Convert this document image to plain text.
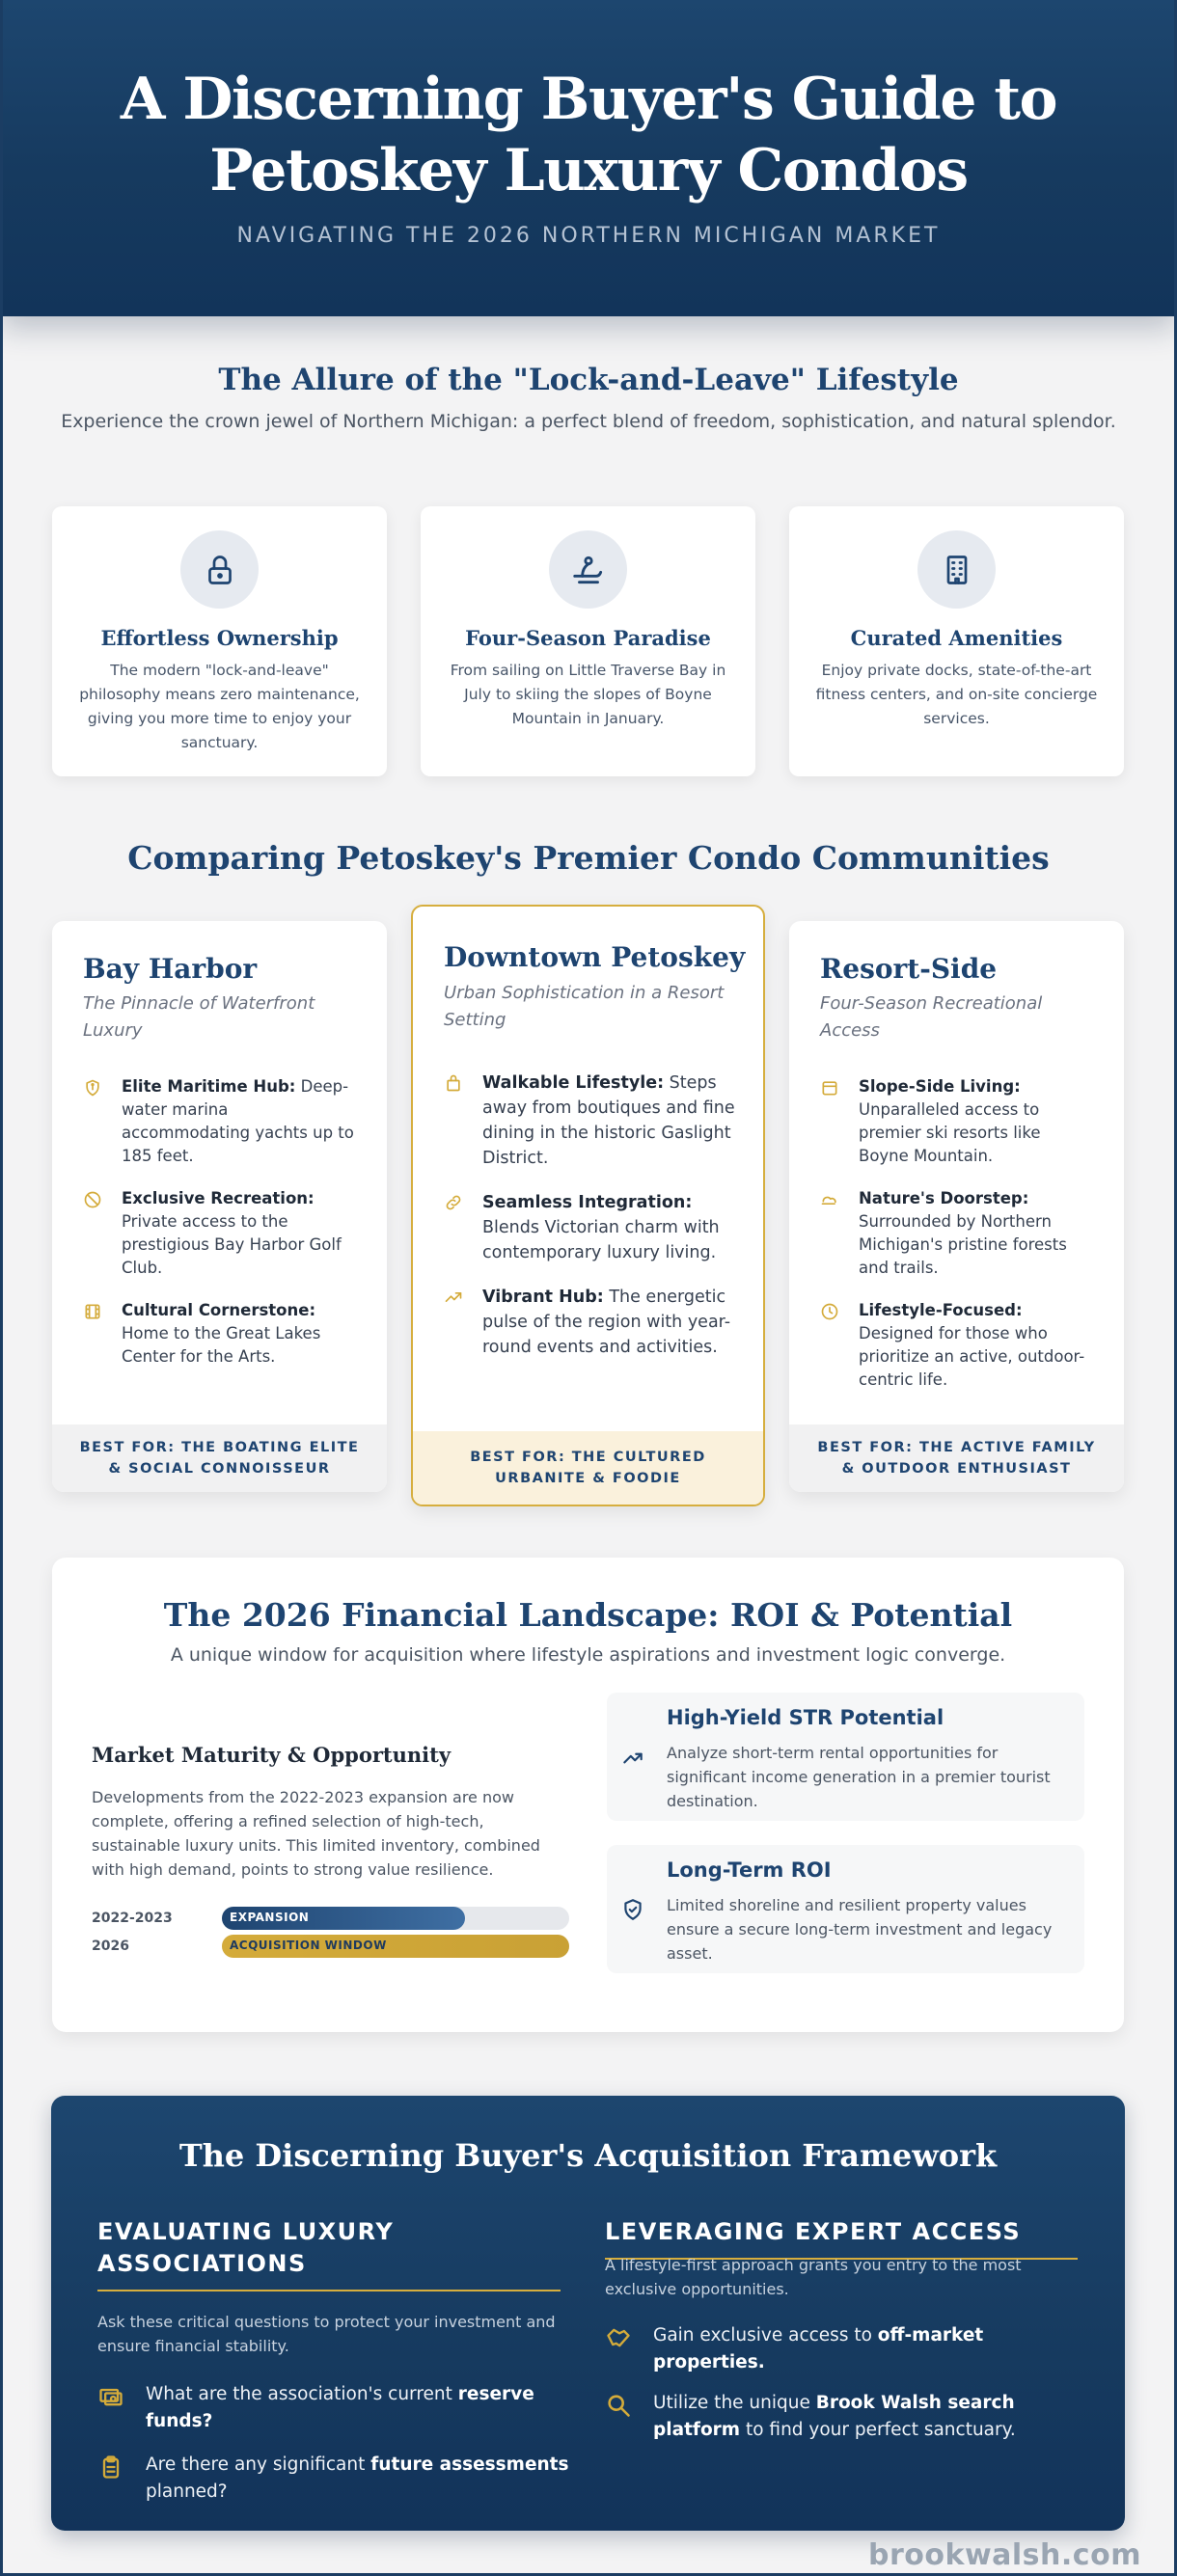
A Discerning Buyer's Guide to Petoskey Luxury Condos
NAVIGATING THE 2026 NORTHERN MICHIGAN MARKET
The Allure of the "Lock-and-Leave" Lifestyle
Experience the crown jewel of Northern Michigan: a perfect blend of freedom, sophistication, and natural splendor.
Effortless Ownership

The modern "lock-and-leave" philosophy means zero maintenance, giving you more time to enjoy your sanctuary.

Four-Season Paradise

From sailing on Little Traverse Bay in July to skiing the slopes of Boyne Mountain in January.

Curated Amenities

Enjoy private docks, state-of-the-art fitness centers, and on-site concierge services.

Comparing Petoskey's Premier Condo Communities
Bay Harbor
The Pinnacle of Waterfront Luxury
Elite Maritime Hub: Deep-water marina accommodating yachts up to 185 feet.
Exclusive Recreation: Private access to the prestigious Bay Harbor Golf Club.
Cultural Cornerstone: Home to the Great Lakes Center for the Arts.
BEST FOR: THE BOATING ELITE & SOCIAL CONNOISSEUR
Downtown Petoskey
Urban Sophistication in a Resort Setting
Walkable Lifestyle: Steps away from boutiques and fine dining in the historic Gaslight District.
Seamless Integration: Blends Victorian charm with contemporary luxury living.
Vibrant Hub: The energetic pulse of the region with year-round events and activities.
BEST FOR: THE CULTURED URBANITE & FOODIE
Resort-Side
Four-Season Recreational Access
Slope-Side Living: Unparalleled access to premier ski resorts like Boyne Mountain.
Nature's Doorstep: Surrounded by Northern Michigan's pristine forests and trails.
Lifestyle-Focused: Designed for those who prioritize an active, outdoor-centric life.
BEST FOR: THE ACTIVE FAMILY & OUTDOOR ENTHUSIAST
The 2026 Financial Landscape: ROI & Potential
A unique window for acquisition where lifestyle aspirations and investment logic converge.
Market Maturity & Opportunity
Developments from the 2022-2023 expansion are now complete, offering a refined selection of high-tech, sustainable luxury units. This limited inventory, combined with high demand, points to strong value resilience.
2022-2023	EXPANSION
2026	ACQUISITION WINDOW
High-Yield STR Potential

Analyze short-term rental opportunities for significant income generation in a premier tourist destination.

Long-Term ROI

Limited shoreline and resilient property values ensure a secure long-term investment and legacy asset.

The Discerning Buyer's Acquisition Framework
EVALUATING LUXURY ASSOCIATIONS
Ask these critical questions to protect your investment and ensure financial stability.
What are the association's current reserve funds?
Are there any significant future assessments planned?
LEVERAGING EXPERT ACCESS
A lifestyle-first approach grants you entry to the most exclusive opportunities.
Gain exclusive access to off-market properties.
Utilize the unique Brook Walsh search platform to find your perfect sanctuary.
brookwalsh.com
